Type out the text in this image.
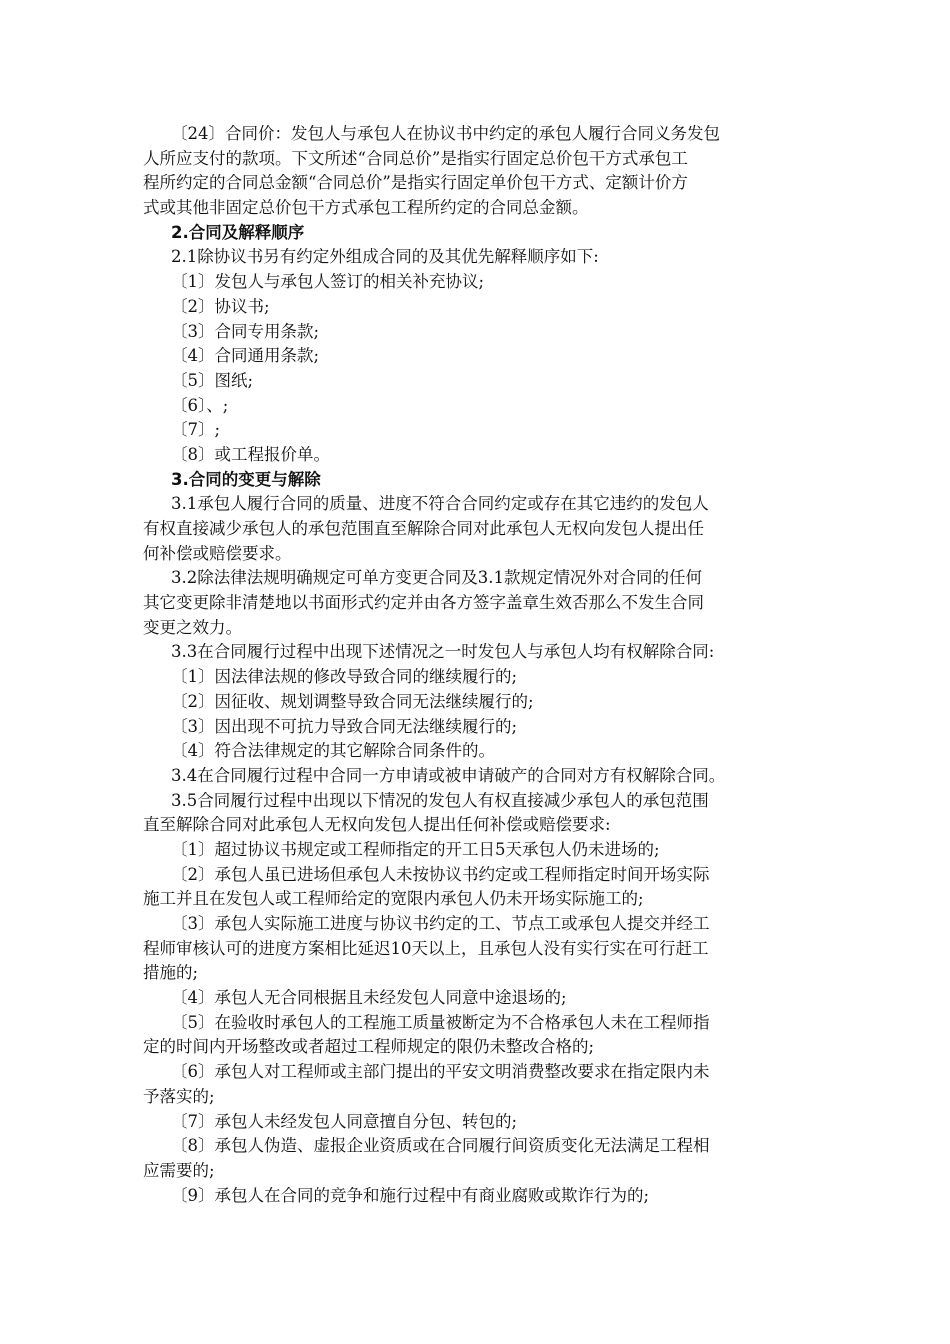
〔24〕合同价：发包人与承包人在协议书中约定的承包人履行合同义务发包
人所应支付的款项。下文所述“合同总价”是指实行固定总价包干方式承包工
程所约定的合同总金额“合同总价”是指实行固定单价包干方式、定额计价方
式或其他非固定总价包干方式承包工程所约定的合同总金额。
2.合同及解释顺序
2.1除协议书另有约定外组成合同的及其优先解释顺序如下:
〔1〕发包人与承包人签订的相关补充协议;
〔2〕协议书;
〔3〕合同专用条款;
〔4〕合同通用条款;
〔5〕图纸;
〔6〕、;
〔7〕;
〔8〕或工程报价单。
3.合同的变更与解除
3.1承包人履行合同的质量、进度不符合合同约定或存在其它违约的发包人
有权直接减少承包人的承包范围直至解除合同对此承包人无权向发包人提出任
何补偿或赔偿要求。
3.2除法律法规明确规定可单方变更合同及3.1款规定情况外对合同的任何
其它变更除非清楚地以书面形式约定并由各方签字盖章生效否那么不发生合同
变更之效力。
3.3在合同履行过程中出现下述情况之一时发包人与承包人均有权解除合同:
〔1〕因法律法规的修改导致合同的继续履行的;
〔2〕因征收、规划调整导致合同无法继续履行的;
〔3〕因出现不可抗力导致合同无法继续履行的;
〔4〕符合法律规定的其它解除合同条件的。
3.4在合同履行过程中合同一方申请或被申请破产的合同对方有权解除合同。
3.5合同履行过程中出现以下情况的发包人有权直接减少承包人的承包范围
直至解除合同对此承包人无权向发包人提出任何补偿或赔偿要求:
〔1〕超过协议书规定或工程师指定的开工日5天承包人仍未进场的;
〔2〕承包人虽已进场但承包人未按协议书约定或工程师指定时间开场实际
施工并且在发包人或工程师给定的宽限内承包人仍未开场实际施工的;
〔3〕承包人实际施工进度与协议书约定的工、节点工或承包人提交并经工
程师审核认可的进度方案相比延迟10天以上，且承包人没有实行实在可行赶工
措施的;
〔4〕承包人无合同根据且未经发包人同意中途退场的;
〔5〕在验收时承包人的工程施工质量被断定为不合格承包人未在工程师指
定的时间内开场整改或者超过工程师规定的限仍未整改合格的;
〔6〕承包人对工程师或主部门提出的平安文明消费整改要求在指定限内未
予落实的;
〔7〕承包人未经发包人同意擅自分包、转包的;
〔8〕承包人伪造、虚报企业资质或在合同履行间资质变化无法满足工程相
应需要的;
〔9〕承包人在合同的竞争和施行过程中有商业腐败或欺诈行为的;
